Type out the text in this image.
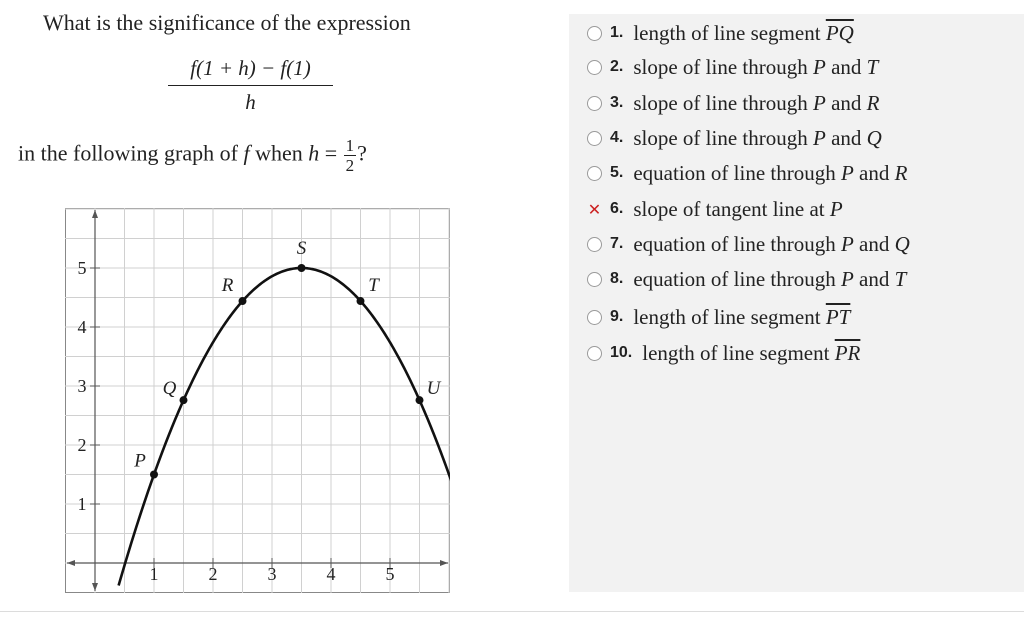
What is the significance of the expression
$\frac{f(1 + h) - f(1)}{h}$
in the following graph of f when $h = \frac{1}{2}$ ?
1	2	3	4	5
1
2
3
4
5
P
Q
R
S
T
U
1. length of line segment $\overline{PQ}$
2. slope of line through P and T
3. slope of line through P and R
4. slope of line through P and Q
5. equation of line through P and R
✕ 6. slope of tangent line at P
7. equation of line through P and Q
8. equation of line through P and T
9. length of line segment $\overline{PT}$
10. length of line segment $\overline{PR}$
